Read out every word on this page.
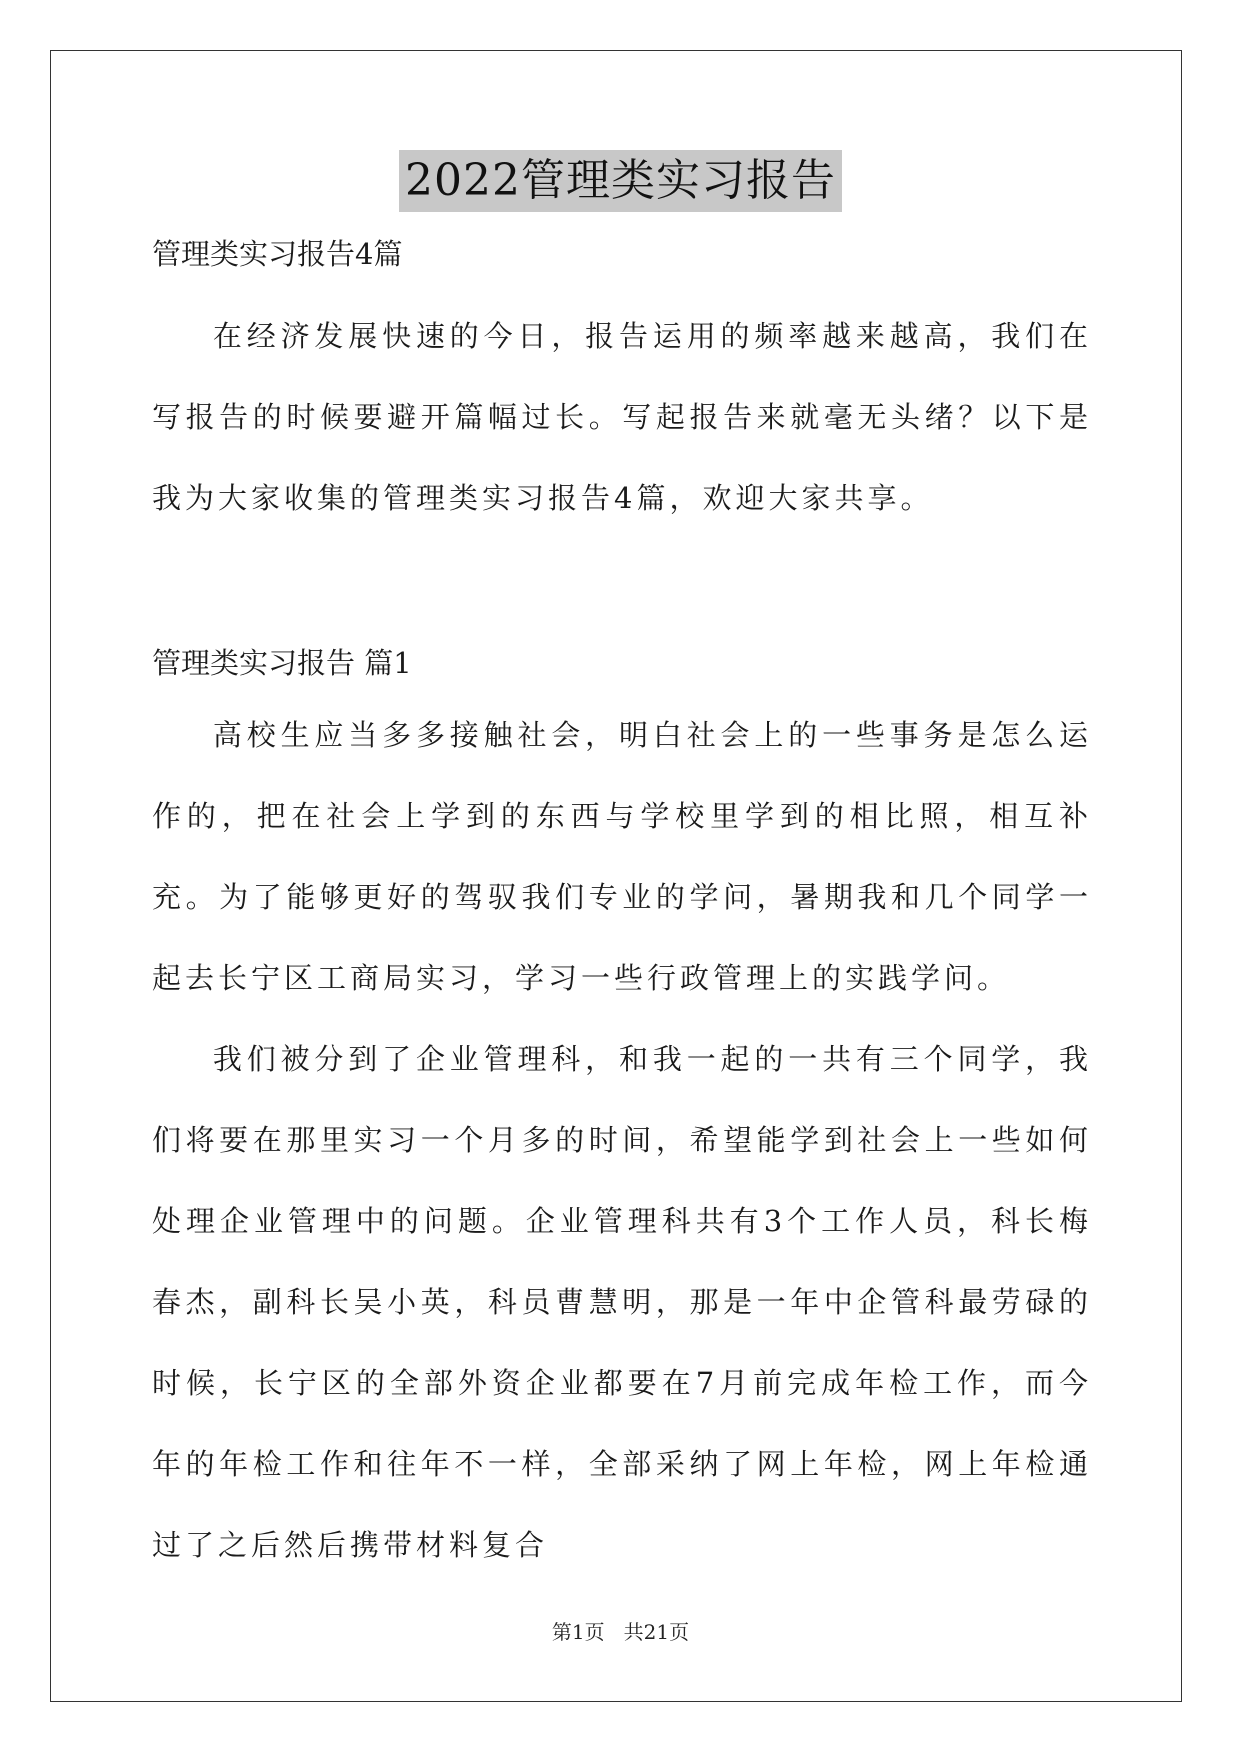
2022管理类实习报告

管理类实习报告4篇

在经济发展快速的今日，报告运用的频率越来越高，我们在写报告的时候要避开篇幅过长。写起报告来就毫无头绪？以下是我为大家收集的管理类实习报告4篇，欢迎大家共享。

管理类实习报告 篇1

高校生应当多多接触社会，明白社会上的一些事务是怎么运作的，把在社会上学到的东西与学校里学到的相比照，相互补充。为了能够更好的驾驭我们专业的学问，暑期我和几个同学一起去长宁区工商局实习，学习一些行政管理上的实践学问。

我们被分到了企业管理科，和我一起的一共有三个同学，我们将要在那里实习一个月多的时间，希望能学到社会上一些如何处理企业管理中的问题。企业管理科共有3个工作人员，科长梅春杰，副科长吴小英，科员曹慧明，那是一年中企管科最劳碌的时候，长宁区的全部外资企业都要在7月前完成年检工作，而今年的年检工作和往年不一样，全部采纳了网上年检，网上年检通过了之后然后携带材料复合

第1页   共21页
